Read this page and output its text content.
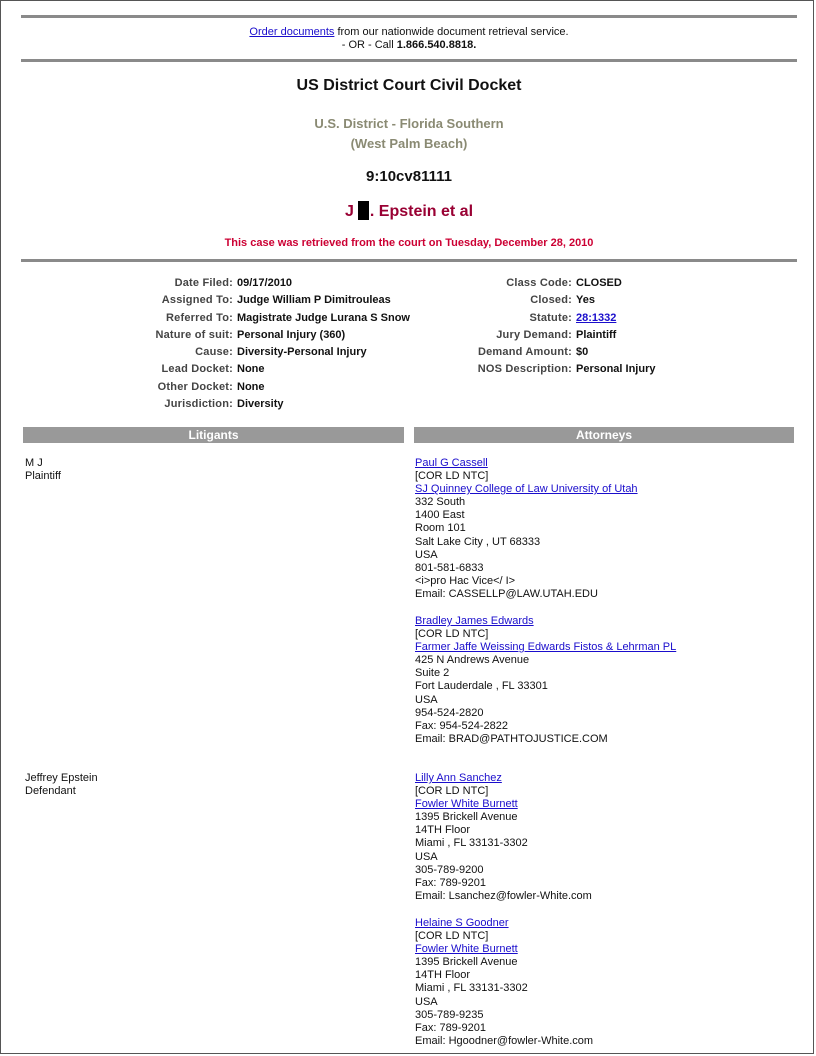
Order documents from our nationwide document retrieval service.
- OR - Call 1.866.540.8818.
US District Court Civil Docket
U.S. District - Florida Southern
(West Palm Beach)
9:10cv81111
J . Epstein et al
This case was retrieved from the court on Tuesday, December 28, 2010
Date Filed: 09/17/2010
Assigned To: Judge William P Dimitrouleas
Referred To: Magistrate Judge Lurana S Snow
Nature of suit: Personal Injury (360)
Cause: Diversity-Personal Injury
Lead Docket: None
Other Docket: None
Jurisdiction: Diversity
Class Code: CLOSED
Closed: Yes
Statute: 28:1332
Jury Demand: Plaintiff
Demand Amount: $0
NOS Description: Personal Injury
Litigants	Attorneys
M J
Plaintiff
Jeffrey Epstein
Defendant
Paul G Cassell
[COR LD NTC]
SJ Quinney College of Law University of Utah
332 South
1400 East
Room 101
Salt Lake City , UT 68333
USA
801-581-6833
<i>pro Hac Vice</ I>
Email: CASSELLP@LAW.UTAH.EDU
Bradley James Edwards
[COR LD NTC]
Farmer Jaffe Weissing Edwards Fistos & Lehrman PL
425 N Andrews Avenue
Suite 2
Fort Lauderdale , FL 33301
USA
954-524-2820
Fax: 954-524-2822
Email: BRAD@PATHTOJUSTICE.COM
Lilly Ann Sanchez
[COR LD NTC]
Fowler White Burnett
1395 Brickell Avenue
14TH Floor
Miami , FL 33131-3302
USA
305-789-9200
Fax: 789-9201
Email: Lsanchez@fowler-White.com
Helaine S Goodner
[COR LD NTC]
Fowler White Burnett
1395 Brickell Avenue
14TH Floor
Miami , FL 33131-3302
USA
305-789-9235
Fax: 789-9201
Email: Hgoodner@fowler-White.com
